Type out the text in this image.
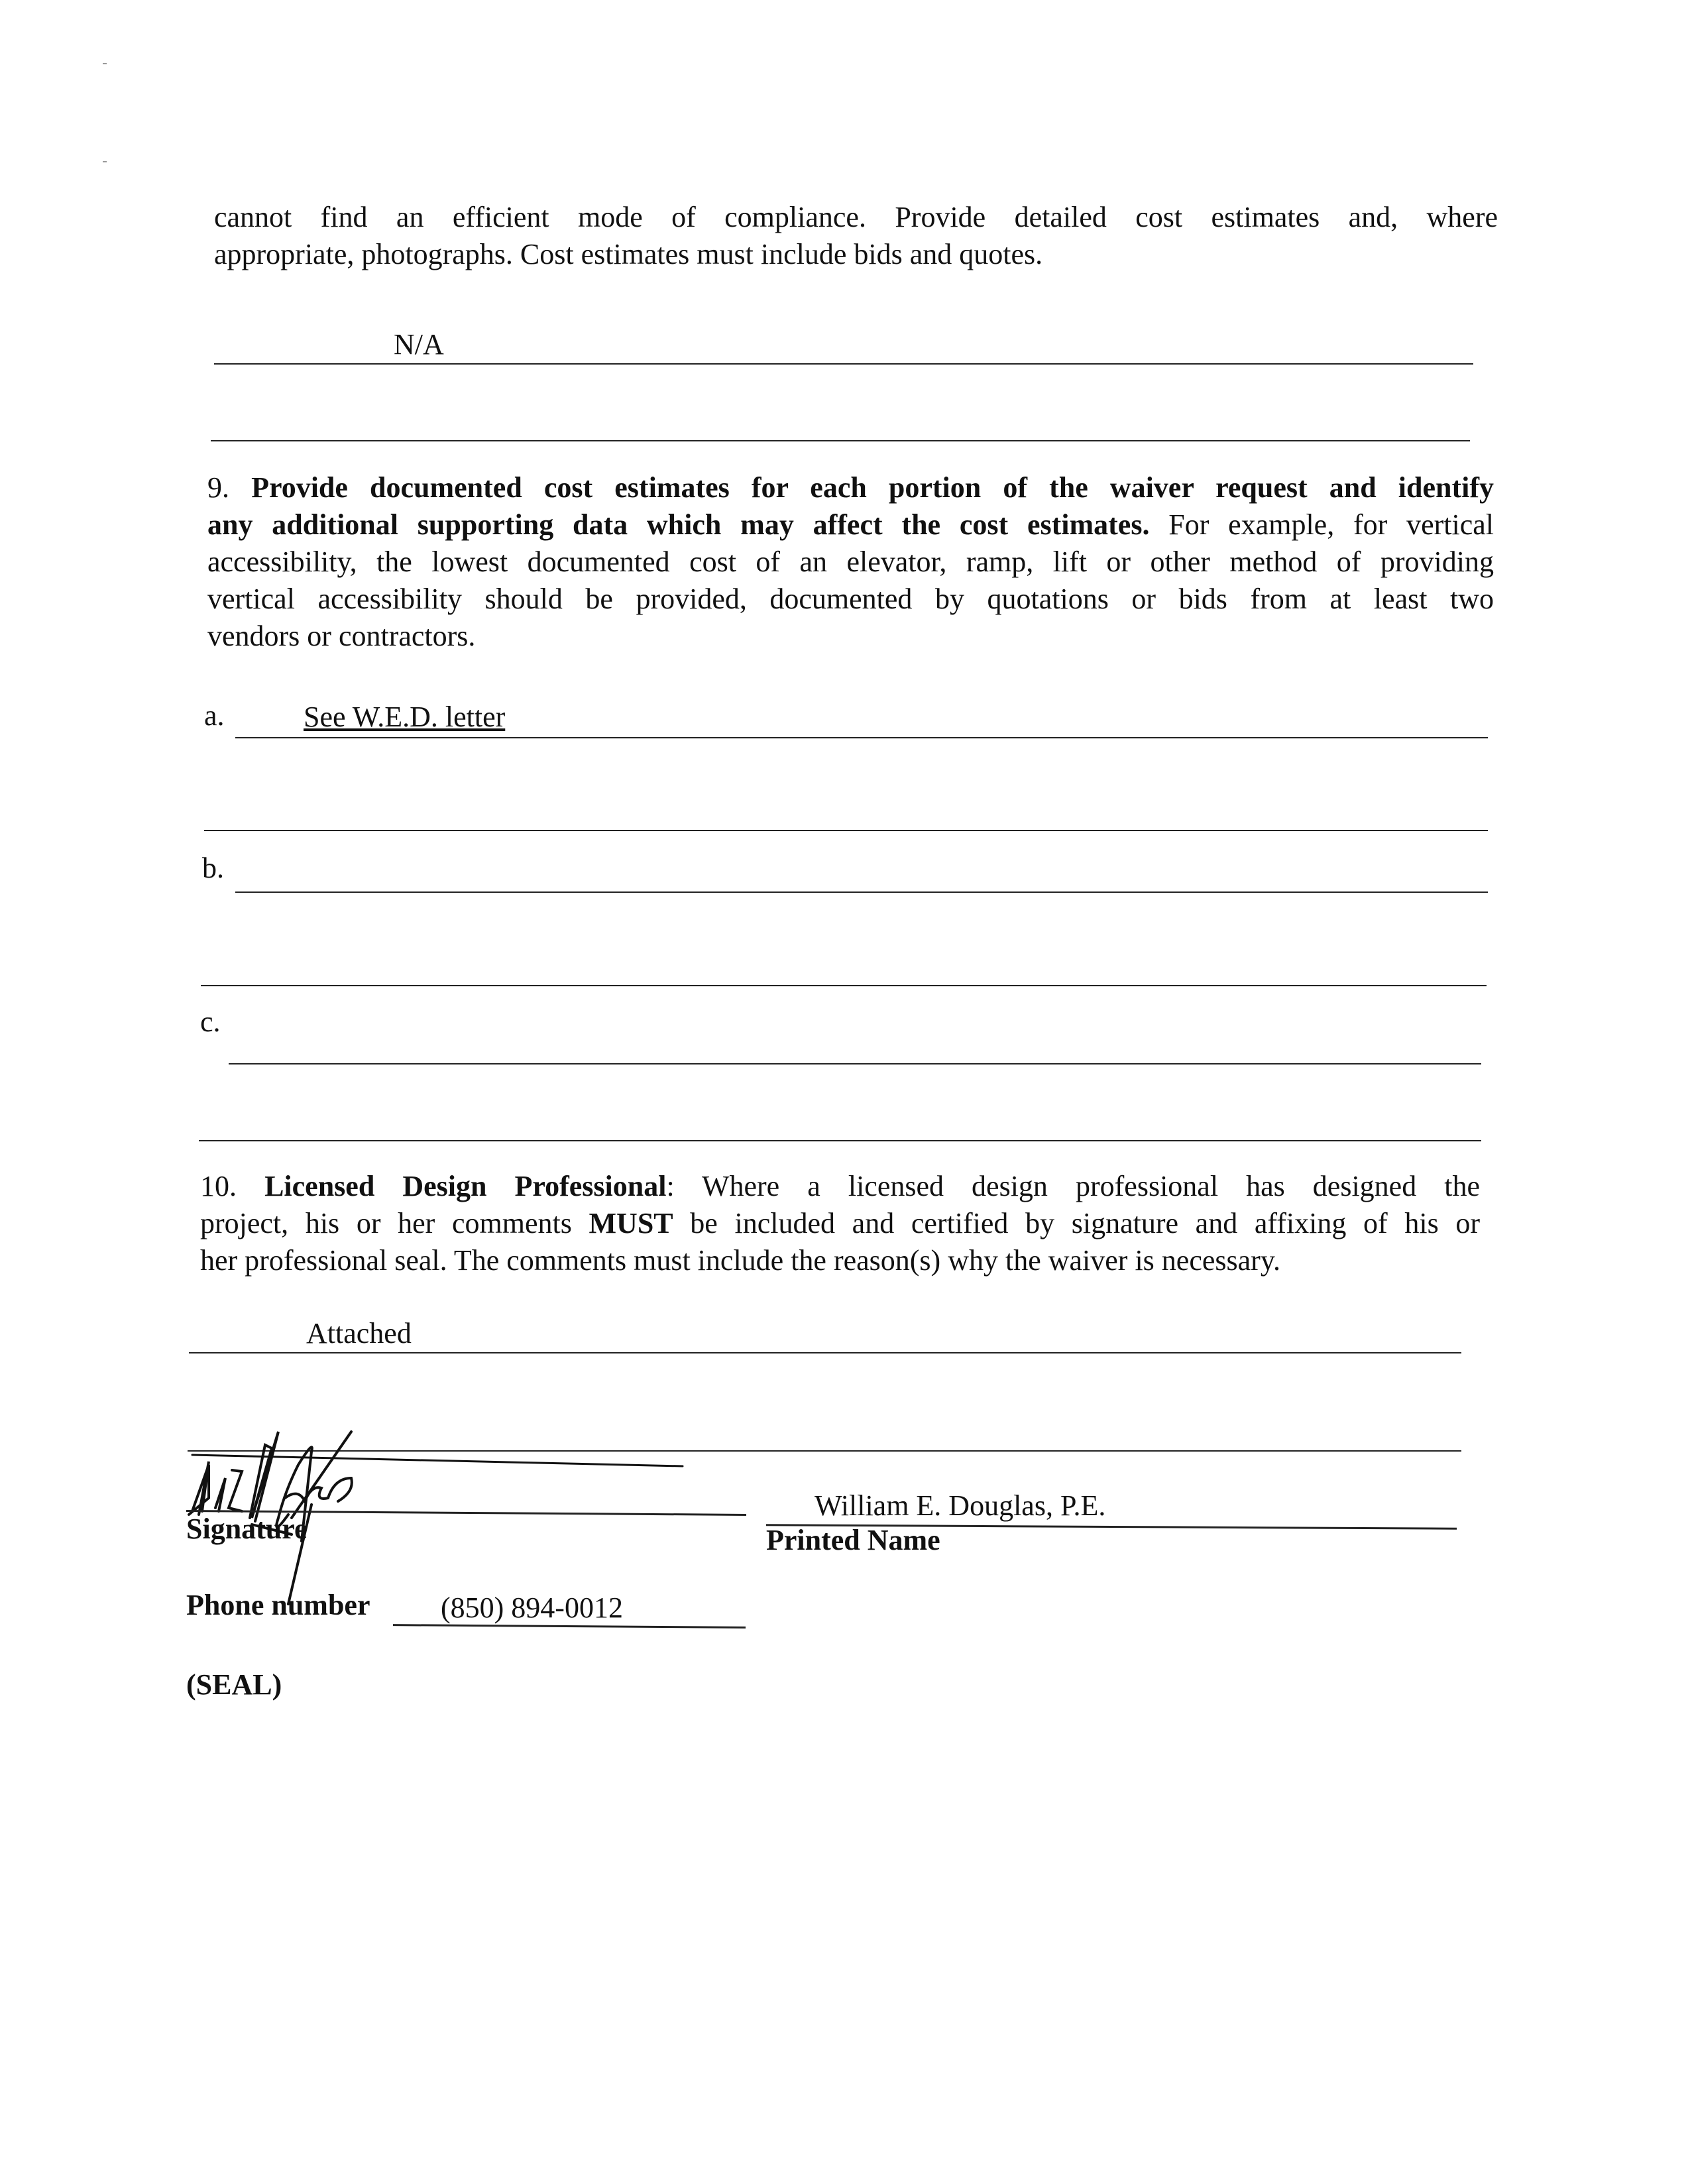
cannot find an efficient mode of compliance. Provide detailed cost estimates and, where
appropriate, photographs. Cost estimates must include bids and quotes.
N/A
9. Provide documented cost estimates for each portion of the waiver request and identify
any additional supporting data which may affect the cost estimates. For example, for vertical
accessibility, the lowest documented cost of an elevator, ramp, lift or other method of providing
vertical accessibility should be provided, documented by quotations or bids from at least two
vendors or contractors.
a.	See W.E.D. letter
b.
c.
10. Licensed Design Professional: Where a licensed design professional has designed the
project, his or her comments MUST be included and certified by signature and affixing of his or
her professional seal. The comments must include the reason(s) why the waiver is necessary.
Attached
Signature
William E. Douglas, P.E.
Printed Name
Phone number (850) 894-0012
(SEAL)
